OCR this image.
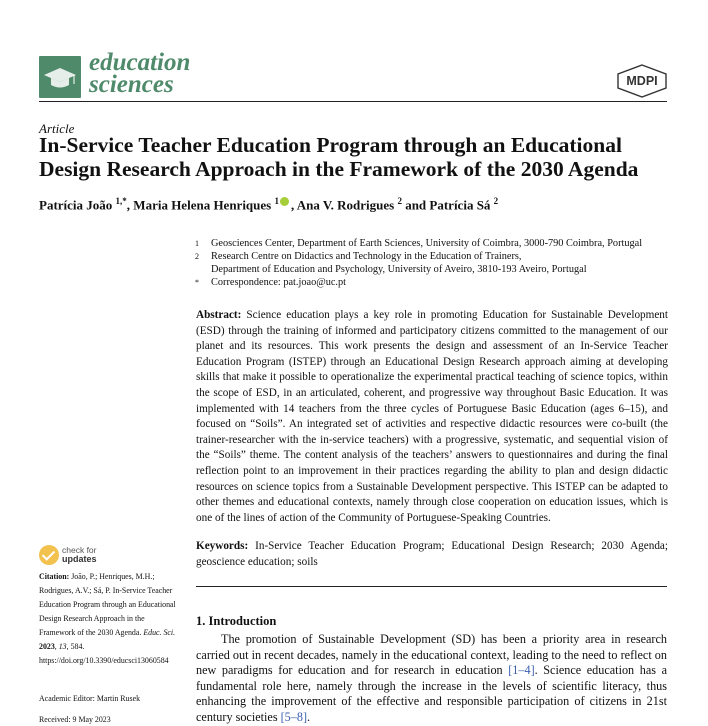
education
sciences	MDPI
Article
In-Service Teacher Education Program through an Educational Design Research Approach in the Framework of the 2030 Agenda
Patrícia João $^{1,*}$, Maria Helena Henriques $^1$ , Ana V. Rodrigues $^2$ and Patrícia Sá $^2$
1	Geosciences Center, Department of Earth Sciences, University of Coimbra, 3000-790 Coimbra, Portugal
2	Research Centre on Didactics and Technology in the Education of Trainers,
Department of Education and Psychology, University of Aveiro, 3810-193 Aveiro, Portugal
*	Correspondence: pat.joao@uc.pt
Abstract: Science education plays a key role in promoting Education for Sustainable Development (ESD) through the training of informed and participatory citizens committed to the management of our planet and its resources. This work presents the design and assessment of an In-Service Teacher Education Program (ISTEP) through an Educational Design Research approach aiming at developing skills that make it possible to operationalize the experimental practical teaching of science topics, within the scope of ESD, in an articulated, coherent, and progressive way throughout Basic Education. It was implemented with 14 teachers from the three cycles of Portuguese Basic Education (ages 6–15), and focused on “Soils”. An integrated set of activities and respective didactic resources were co-built (the trainer-researcher with the in-service teachers) with a progressive, systematic, and sequential vision of the “Soils” theme. The content analysis of the teachers’ answers to questionnaires and during the final reflection point to an improvement in their practices regarding the ability to plan and design didactic resources on science topics from a Sustainable Development perspective. This ISTEP can be adapted to other themes and educational contexts, namely through close cooperation on education issues, which is one of the lines of action of the Community of Portuguese-Speaking Countries.
Keywords: In-Service Teacher Education Program; Educational Design Research; 2030 Agenda; geoscience education; soils
1. Introduction
The promotion of Sustainable Development (SD) has been a priority area in research carried out in recent decades, namely in the educational context, leading to the need to reflect on new paradigms for education and for research in education [1–4]. Science education has a fundamental role here, namely through the increase in the levels of scientific literacy, thus enhancing the improvement of the effective and responsible participation of citizens in 21st century societies [5–8].
check for
updates
Citation: João, P.; Henriques, M.H.; Rodrigues, A.V.; Sá, P. In-Service Teacher Education Program through an Educational Design Research Approach in the Framework of the 2030 Agenda. Educ. Sci. 2023, 13, 584. https://doi.org/10.3390/educsci13060584
Academic Editor: Martin Rusek
Received: 9 May 2023
